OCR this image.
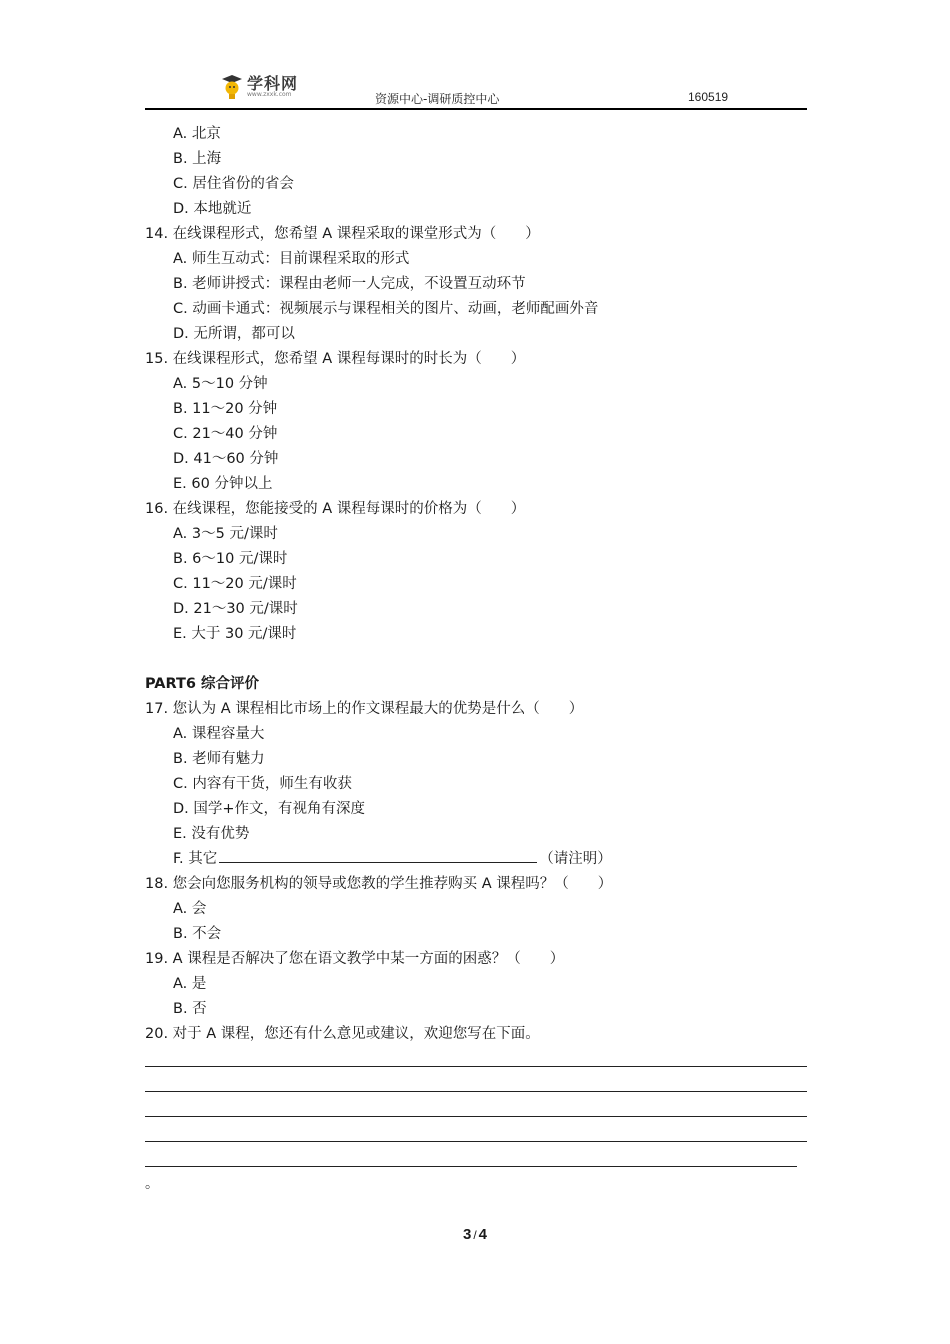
学科网
www.zxxk.com	资源中心-调研质控中心	160519
A. 北京
B. 上海
C. 居住省份的省会
D. 本地就近
14. 在线课程形式，您希望 A 课程采取的课堂形式为（　　）
A. 师生互动式：目前课程采取的形式
B. 老师讲授式：课程由老师一人完成，不设置互动环节
C. 动画卡通式：视频展示与课程相关的图片、动画，老师配画外音
D. 无所谓，都可以
15. 在线课程形式，您希望 A 课程每课时的时长为（　　）
A. 5～10 分钟
B. 11～20 分钟
C. 21～40 分钟
D. 41～60 分钟
E. 60 分钟以上
16. 在线课程，您能接受的 A 课程每课时的价格为（　　）
A. 3～5 元/课时
B. 6～10 元/课时
C. 11～20 元/课时
D. 21～30 元/课时
E. 大于 30 元/课时
PART6 综合评价
17. 您认为 A 课程相比市场上的作文课程最大的优势是什么（　　）
A. 课程容量大
B. 老师有魅力
C. 内容有干货，师生有收获
D. 国学+作文，有视角有深度
E. 没有优势
F. 其它	（请注明）
18. 您会向您服务机构的领导或您教的学生推荐购买 A 课程吗？（　　）
A. 会
B. 不会
19. A 课程是否解决了您在语文教学中某一方面的困惑？（　　）
A. 是
B. 否
20. 对于 A 课程，您还有什么意见或建议，欢迎您写在下面。
。
3 / 4
